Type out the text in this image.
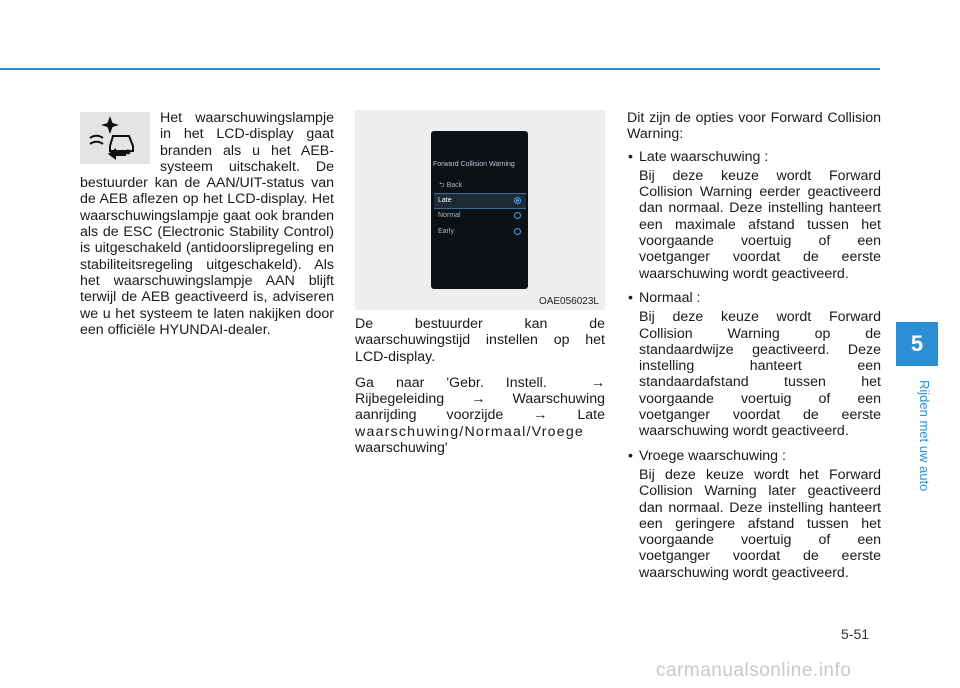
Het waarschuwingslampje in het LCD-display gaat branden als u het AEB-systeem uitschakelt. De bestuurder kan de AAN/UIT-status van de AEB aflezen op het LCD-display. Het waarschuwingslampje gaat ook branden als de ESC (Electronic Stability Control) is uitgeschakeld (antidoorslipregeling en stabiliteitsregeling uitgeschakeld). Als het waarschuwingslampje AAN blijft terwijl de AEB geactiveerd is, adviseren we u het systeem te laten nakijken door een officiële HYUNDAI-dealer.

Forward Collision Warning
⮌ Back
Late
Normal
Early
OAE056023L

De bestuurder kan de waarschuwingstijd instellen op het LCD-display.

Ga naar 'Gebr. Instell.	→ Rijbegeleiding → Waarschuwing aanrijding voorzijde → Late waarschuwing/Normaal/Vroege waarschuwing'

Dit zijn de opties voor Forward Collision Warning:

• Late waarschuwing :

Bij deze keuze wordt Forward Collision Warning eerder geactiveerd dan normaal. Deze instelling hanteert een maximale afstand tussen het voorgaande voertuig of een voetganger voordat de eerste waarschuwing wordt geactiveerd.

• Normaal :

Bij deze keuze wordt Forward Collision Warning op de standaardwijze geactiveerd. Deze instelling hanteert een standaardafstand tussen het voorgaande voertuig of een voetganger voordat de eerste waarschuwing wordt geactiveerd.

• Vroege waarschuwing :

Bij deze keuze wordt het Forward Collision Warning later geactiveerd dan normaal. Deze instelling hanteert een geringere afstand tussen het voorgaande voertuig of een voetganger voordat de eerste waarschuwing wordt geactiveerd.

5
Rijden met uw auto
5-51
carmanualsonline.info
